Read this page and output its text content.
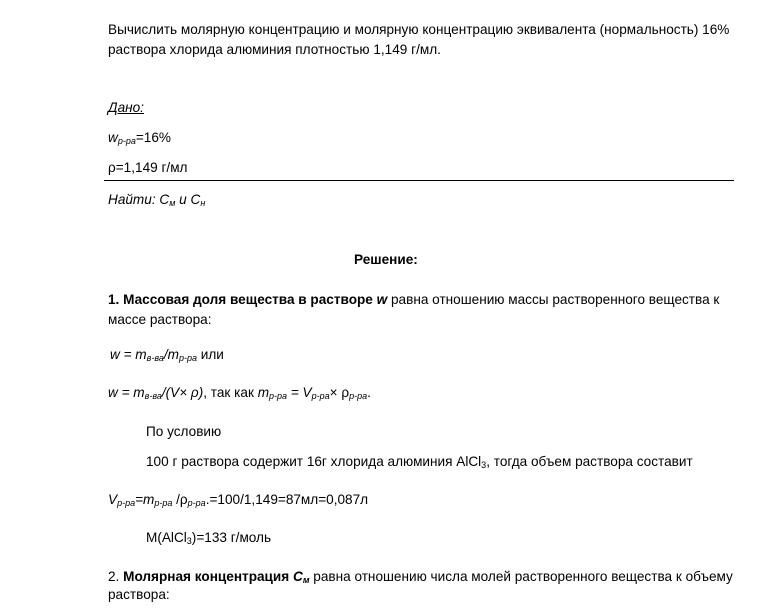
Вычислить молярную концентрацию и молярную концентрацию эквивалента (нормальность) 16%
раствора хлорида алюминия плотностью 1,149 г/мл.
Дано:
$w_{р-ра}=16\%$
ρ=1,149 г/мл
Найти: $С_м$ и $С_н$
Решение:
1. Массовая доля вещества в растворе w равна отношению массы растворенного вещества к
массе раствора:
$w = m_{в-ва}/m_{р-ра}$ или
$w = m_{в-ва}/(V\times \rho)$, так как $m_{р-ра} = V_{р-ра}\times \rho_{р-ра}$.
По условию
100 г раствора содержит 16г хлорида алюминия AlCl$_3$, тогда объем раствора составит
$V_{р-ра}=m_{р-ра}$ $/\rho_{р-ра}.=100/1,149=87мл=0,087л$
M(AlCl$_3$)=133 г/моль
2. Молярная концентрация $С_м$ равна отношению числа молей растворенного вещества к объему
раствора:
